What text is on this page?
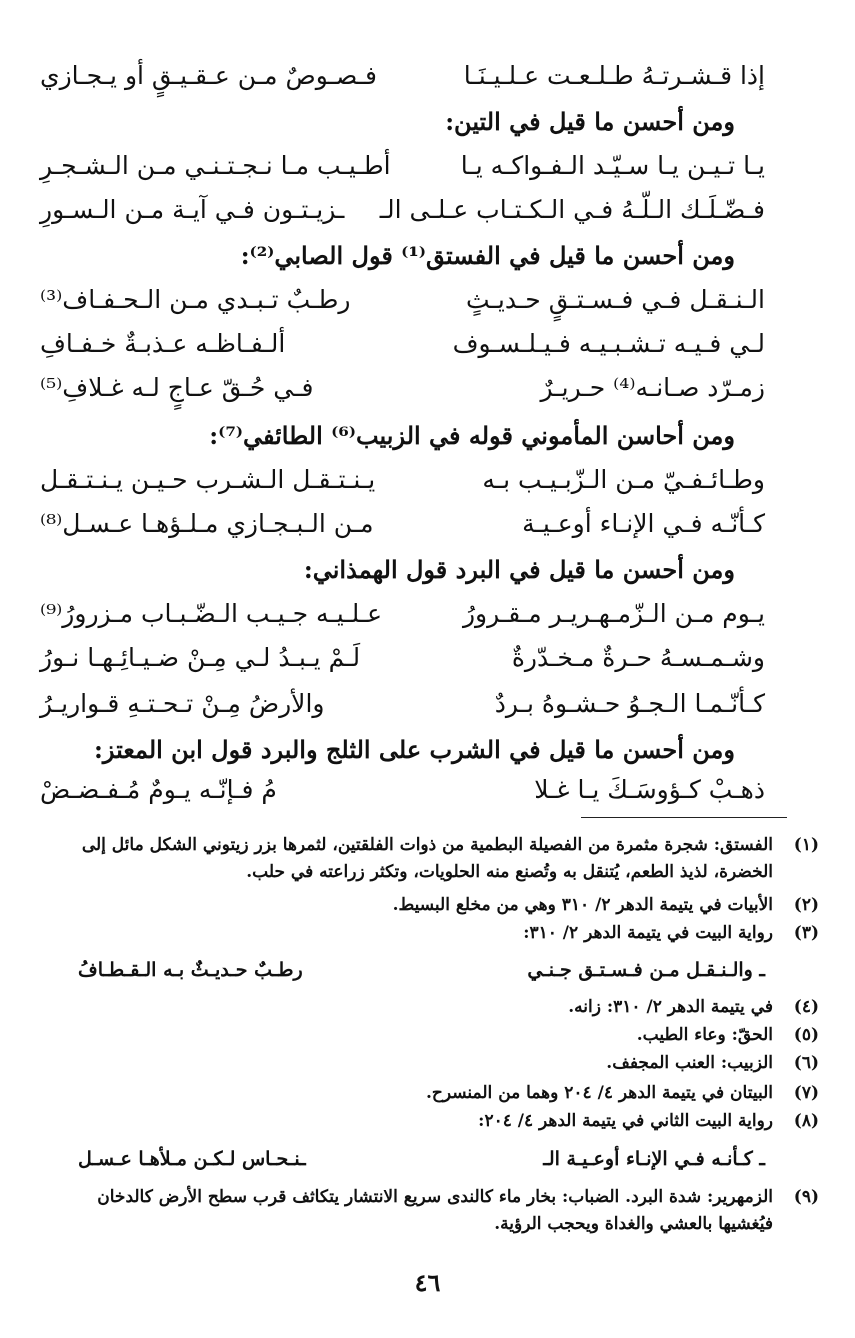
إذا قـشـرتـهُ طـلـعـت عـلـيـنَـا
فـصـوصٌ مـن عـقـيـقٍ أو يـجـازي
ومن أحسن ما قيل في التين:
يـا تـيـن يـا سـيّـد الـفـواكـه يـا
أطـيـب مـا نـجـتـنـي مـن الـشـجـرِ
فـضّـلَـك الـلّـهُ فـي الـكـتـاب عـلـى الـ
ـزيـتـون فـي آيـة مـن الـسـورِ
ومن أحسن ما قيل في الفستق⁽¹⁾ قول الصابي⁽²⁾:
الـنـقـل فـي فـسـتـقٍ حـديـثٍ
رطـبٌ تـبـدي مـن الـحـفـاف⁽³⁾
لـي فـيـه تـشـبـيـه فـيـلـسـوف
ألـفـاظـه عـذبـةٌ خـفـافِ
زمـرّد صـانـه⁽⁴⁾ حـريـرٌ
فـي حُـقّ عـاجٍ لـه غـلافِ⁽⁵⁾
ومن أحاسن المأموني قوله في الزبيب⁽⁶⁾ الطائفي⁽⁷⁾:
وطـائـفـيّ مـن الـزّبـيـب بـه
يـنـتـقـل الـشـرب حـيـن يـنـتـقـل
كـأنّـه فـي الإنـاء أوعـيـة
مـن الـبـجـازي مـلـؤهـا عـسـل⁽⁸⁾
ومن أحسن ما قيل في البرد قول الهمذاني:
يـوم مـن الـزّمـهـريـر مـقـرورُ
عـلـيـه جـيـب الـضّـبـاب مـزرورُ⁽⁹⁾
وشـمـسـهُ حـرةٌ مـخـدّرةٌ
لَـمْ يـبـدُ لـي مِـنْ ضـيـائِـهـا نـورُ
كـأنّـمـا الـجـوُ حـشـوهُ بـردٌ
والأرضُ مِـنْ تـحـتـهِ قـواريـرُ
ومن أحسن ما قيل في الشرب على الثلج والبرد قول ابن المعتز:
ذهـبْ كـؤوسَـكَ يـا غـلا
مُ فـإنّـه يـومٌ مُـفـضـضْ
(١)
الفستق: شجرة مثمرة من الفصيلة البطمية من ذوات الفلقتين، لثمرها بزر زيتوني الشكل مائل إلى
الخضرة، لذيذ الطعم، يُتنقل به وتُصنع منه الحلويات، وتكثر زراعته في حلب.
(٢)
الأبيات في يتيمة الدهر ٢/ ٣١٠ وهي من مخلع البسيط.
(٣)
رواية البيت في يتيمة الدهر ٢/ ٣١٠:
ـ والـنـقـل مـن فـسـتـق جـنـي
رطـبٌ حـديـثٌ بـه الـقـطـافُ
(٤)
في يتيمة الدهر ٢/ ٣١٠: زانه.
(٥)
الحقّ: وعاء الطيب.
(٦)
الزبيب: العنب المجفف.
(٧)
البيتان في يتيمة الدهر ٤/ ٢٠٤ وهما من المنسرح.
(٨)
رواية البيت الثاني في يتيمة الدهر ٤/ ٢٠٤:
ـ كـأنـه فـي الإنـاء أوعـيـة الـ
ـنـحـاس لـكـن مـلأهـا عـسـل
(٩)
الزمهرير: شدة البرد. الضباب: بخار ماء كالندى سريع الانتشار يتكاثف قرب سطح الأرض كالدخان
فيُغشيها بالعشي والغداة ويحجب الرؤية.
٤٦
